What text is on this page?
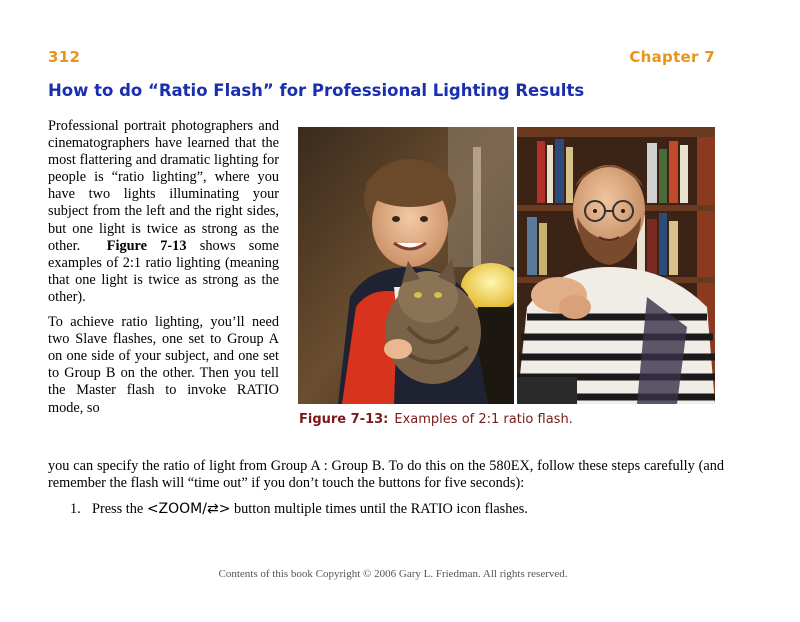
312	Chapter 7
How to do “Ratio Flash” for Professional Lighting Results

Professional portrait photographers and cinematographers have learned that the most flattering and dramatic lighting for people is “ratio lighting”, where you have two lights illuminating your subject from the left and the right sides, but one light is twice as strong as the other. Figure 7-13 shows some examples of 2:1 ratio lighting (meaning that one light is twice as strong as the other).

To achieve ratio lighting, you’ll need two Slave flashes, one set to Group A on one side of your subject, and one set to Group B on the other. Then you tell the Master flash to invoke RATIO mode, so

Figure 7-13: Examples of 2:1 ratio flash.

you can specify the ratio of light from Group A : Group B. To do this on the 580EX, follow these steps carefully (and remember the flash will “time out” if you don’t touch the buttons for five seconds):

1. Press the <ZOOM/⇄> button multiple times until the RATIO icon flashes.
Contents of this book Copyright © 2006 Gary L. Friedman. All rights reserved.
